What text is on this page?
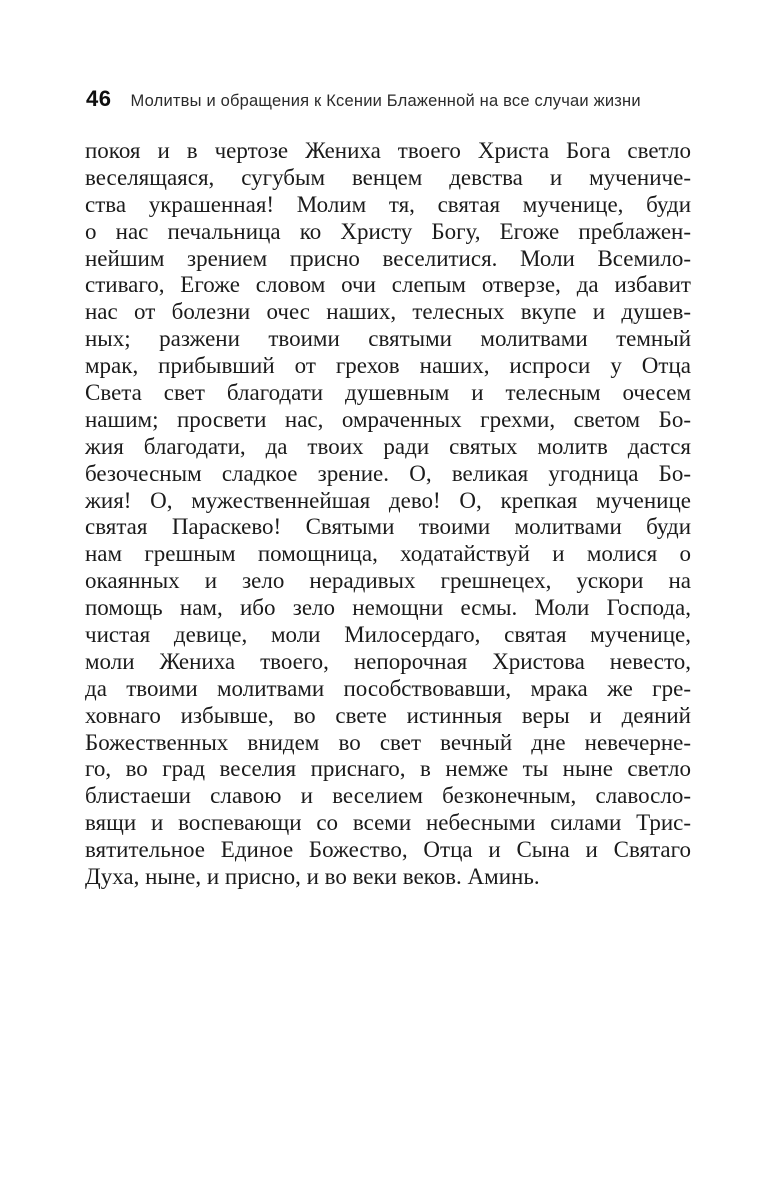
46 Молитвы и обращения к Ксении Блаженной на все случаи жизни
покоя и в чертозе Жениха твоего Христа Бога светло
веселящаяся, сугубым венцем девства и мучениче-
ства украшенная! Молим тя, святая мученице, буди
о нас печальница ко Христу Богу, Егоже преблажен-
нейшим зрением присно веселитися. Моли Всемило-
стиваго, Егоже словом очи слепым отверзе, да избавит
нас от болезни очес наших, телесных вкупе и душев-
ных; разжени твоими святыми молитвами темный
мрак, прибывший от грехов наших, испроси у Отца
Света свет благодати душевным и телесным очесем
нашим; просвети нас, омраченных грехми, светом Бо-
жия благодати, да твоих ради святых молитв дастся
безочесным сладкое зрение. О, великая угодница Бо-
жия! О, мужественнейшая дево! О, крепкая мученице
святая Параскево! Святыми твоими молитвами буди
нам грешным помощница, ходатайствуй и молися о
окаянных и зело нерадивых грешнецех, ускори на
помощь нам, ибо зело немощни есмы. Моли Господа,
чистая девице, моли Милосердаго, святая мученице,
моли Жениха твоего, непорочная Христова невесто,
да твоими молитвами пособствовавши, мрака же гре-
ховнаго избывше, во свете истинныя веры и деяний
Божественных внидем во свет вечный дне невечерне-
го, во град веселия приснаго, в немже ты ныне светло
блистаеши славою и веселием безконечным, славосло-
вящи и воспевающи со всеми небесными силами Трис-
вятительное Единое Божество, Отца и Сына и Святаго
Духа, ныне, и присно, и во веки веков. Аминь.
